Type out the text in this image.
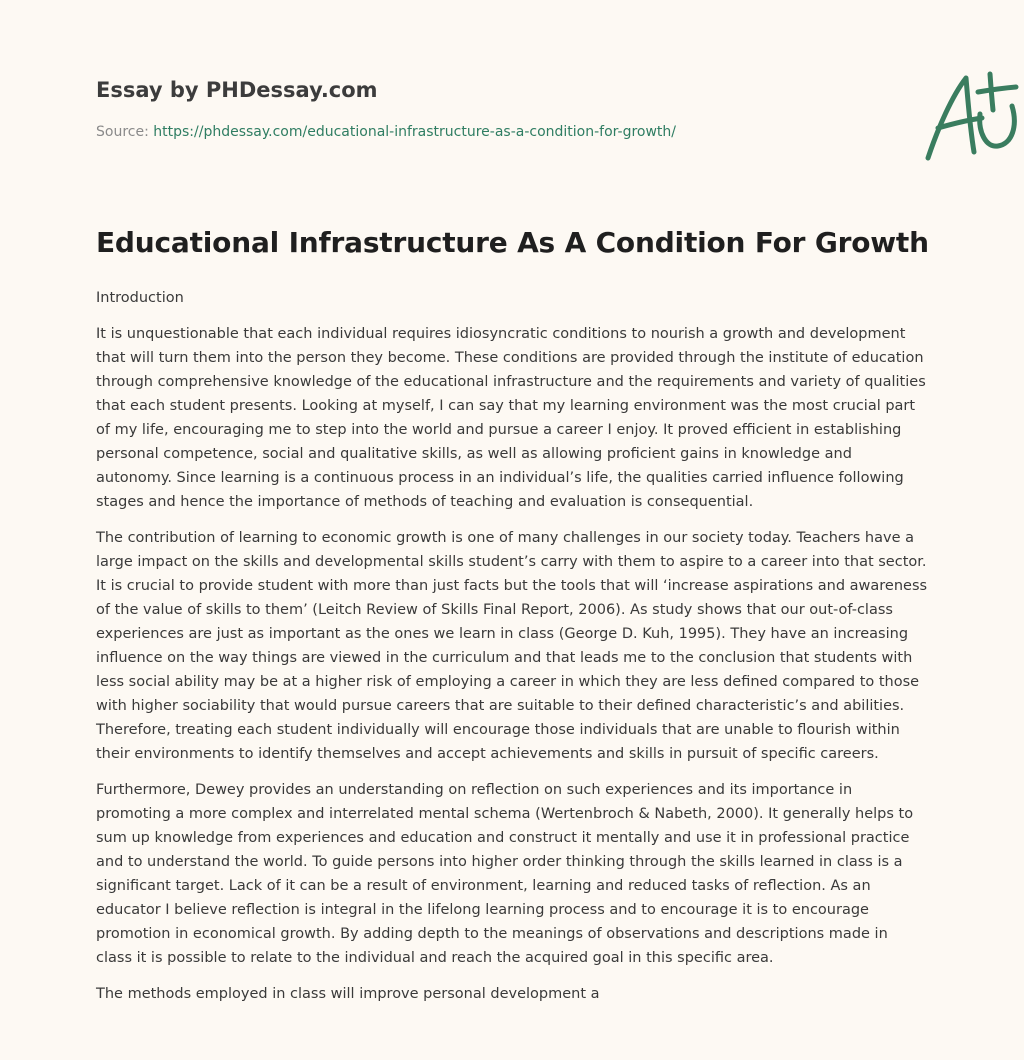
Essay by PHDessay.com
Source: https://phdessay.com/educational-infrastructure-as-a-condition-for-growth/
Educational Infrastructure As A Condition For Growth

Introduction

It is unquestionable that each individual requires idiosyncratic conditions to nourish a growth and development that will turn them into the person they become. These conditions are provided through the institute of education through comprehensive knowledge of the educational infrastructure and the requirements and variety of qualities that each student presents. Looking at myself, I can say that my learning environment was the most crucial part of my life, encouraging me to step into the world and pursue a career I enjoy. It proved efficient in establishing personal competence, social and qualitative skills, as well as allowing proficient gains in knowledge and autonomy. Since learning is a continuous process in an individual’s life, the qualities carried influence following stages and hence the importance of methods of teaching and evaluation is consequential.

The contribution of learning to economic growth is one of many challenges in our society today. Teachers have a large impact on the skills and developmental skills student’s carry with them to aspire to a career into that sector. It is crucial to provide student with more than just facts but the tools that will ‘increase aspirations and awareness of the value of skills to them’ (Leitch Review of Skills Final Report, 2006). As study shows that our out-of-class experiences are just as important as the ones we learn in class (George D. Kuh, 1995). They have an increasing influence on the way things are viewed in the curriculum and that leads me to the conclusion that students with less social ability may be at a higher risk of employing a career in which they are less defined compared to those with higher sociability that would pursue careers that are suitable to their defined characteristic’s and abilities. Therefore, treating each student individually will encourage those individuals that are unable to flourish within their environments to identify themselves and accept achievements and skills in pursuit of specific careers.

Furthermore, Dewey provides an understanding on reflection on such experiences and its importance in promoting a more complex and interrelated mental schema (Wertenbroch & Nabeth, 2000). It generally helps to sum up knowledge from experiences and education and construct it mentally and use it in professional practice and to understand the world. To guide persons into higher order thinking through the skills learned in class is a significant target. Lack of it can be a result of environment, learning and reduced tasks of reflection. As an educator I believe reflection is integral in the lifelong learning process and to encourage it is to encourage promotion in economical growth. By adding depth to the meanings of observations and descriptions made in class it is possible to relate to the individual and reach the acquired goal in this specific area.

The methods employed in class will improve personal development a
